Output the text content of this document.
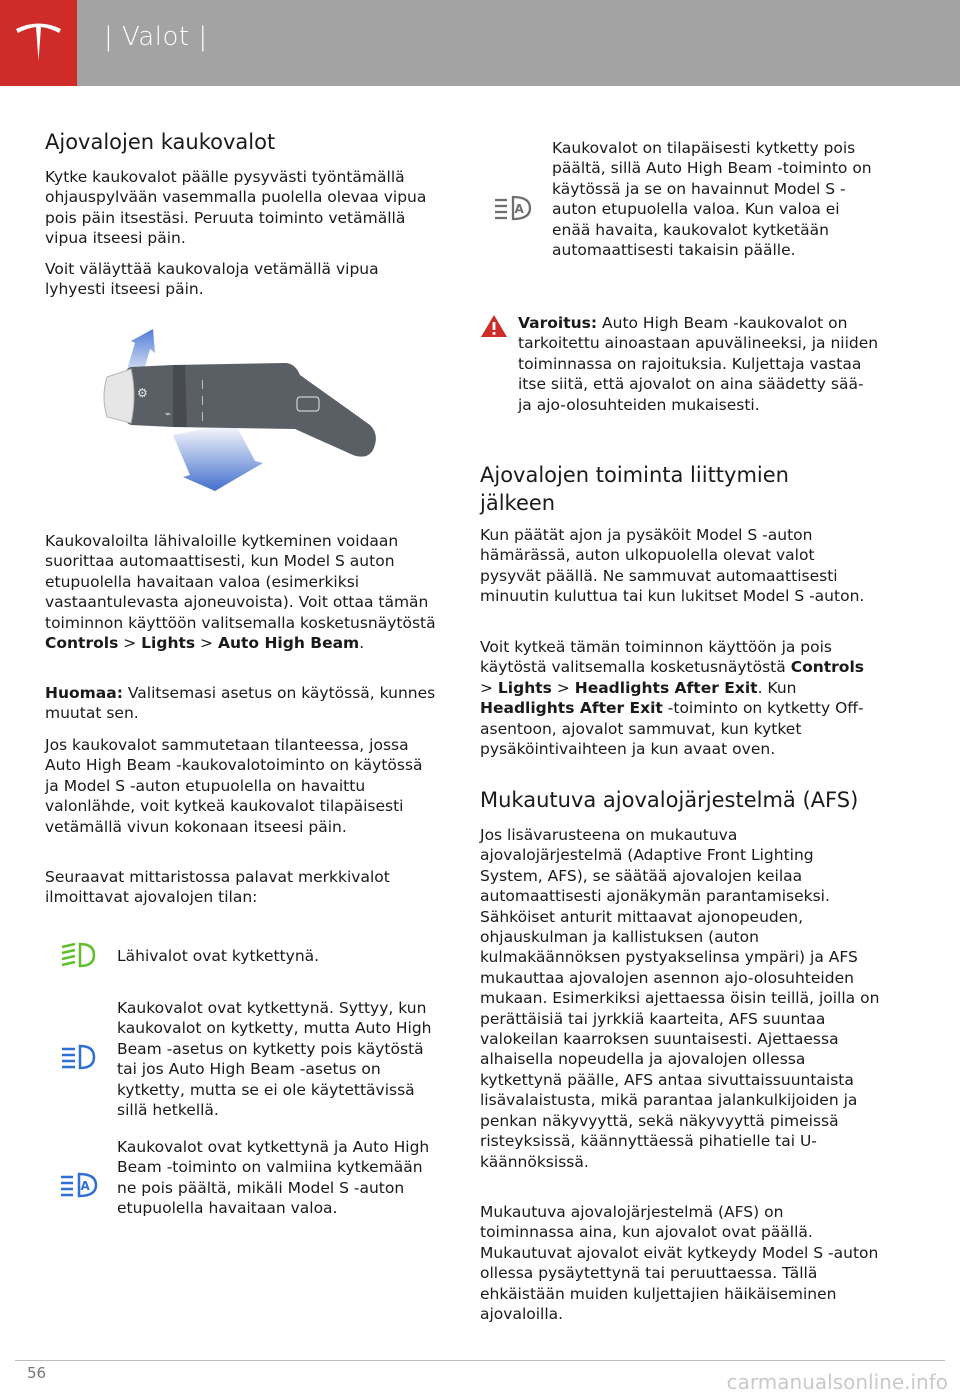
| Valot |
Ajovalojen kaukovalot

Kytke kaukovalot päälle pysyvästi työntämällä ohjauspylvään vasemmalla puolella olevaa vipua pois päin itsestäsi. Peruuta toiminto vetämällä vipua itseesi päin.

Voit väläyttää kaukovaloja vetämällä vipua lyhyesti itseesi päin.

⚙
⌁
|
|
|

Kaukovaloilta lähivaloille kytkeminen voidaan suorittaa automaattisesti, kun Model S auton etupuolella havaitaan valoa (esimerkiksi vastaantulevasta ajoneuvoista). Voit ottaa tämän toiminnon käyttöön valitsemalla kosketusnäytöstä Controls > Lights > Auto High Beam.

Huomaa: Valitsemasi asetus on käytössä, kunnes muutat sen.

Jos kaukovalot sammutetaan tilanteessa, jossa Auto High Beam -kaukovalotoiminto on käytössä ja Model S -auton etupuolella on havaittu valonlähde, voit kytkeä kaukovalot tilapäisesti vetämällä vivun kokonaan itseesi päin.

Seuraavat mittaristossa palavat merkkivalot ilmoittavat ajovalojen tilan:

Lähivalot ovat kytkettynä.

Kaukovalot ovat kytkettynä. Syttyy, kun kaukovalot on kytketty, mutta Auto High Beam -asetus on kytketty pois käytöstä tai jos Auto High Beam -asetus on kytketty, mutta se ei ole käytettävissä sillä hetkellä.

A

Kaukovalot ovat kytkettynä ja Auto High Beam -toiminto on valmiina kytkemään ne pois päältä, mikäli Model S -auton etupuolella havaitaan valoa.

A

Kaukovalot on tilapäisesti kytketty pois päältä, sillä Auto High Beam -toiminto on käytössä ja se on havainnut Model S -auton etupuolella valoa. Kun valoa ei enää havaita, kaukovalot kytketään automaattisesti takaisin päälle.

Varoitus: Auto High Beam -kaukovalot on tarkoitettu ainoastaan apuvälineeksi, ja niiden toiminnassa on rajoituksia. Kuljettaja vastaa itse siitä, että ajovalot on aina säädetty sää- ja ajo-olosuhteiden mukaisesti.

Ajovalojen toiminta liittymien jälkeen

Kun päätät ajon ja pysäköit Model S -auton hämärässä, auton ulkopuolella olevat valot pysyvät päällä. Ne sammuvat automaattisesti minuutin kuluttua tai kun lukitset Model S -auton.

Voit kytkeä tämän toiminnon käyttöön ja pois käytöstä valitsemalla kosketusnäytöstä Controls > Lights > Headlights After Exit. Kun Headlights After Exit -toiminto on kytketty Off-asentoon, ajovalot sammuvat, kun kytket pysäköintivaihteen ja kun avaat oven.

Mukautuva ajovalojärjestelmä (AFS)

Jos lisävarusteena on mukautuva ajovalojärjestelmä (Adaptive Front Lighting System, AFS), se säätää ajovalojen keilaa automaattisesti ajonäkymän parantamiseksi. Sähköiset anturit mittaavat ajonopeuden, ohjauskulman ja kallistuksen (auton kulmakäännöksen pystyakselinsa ympäri) ja AFS mukauttaa ajovalojen asennon ajo-olosuhteiden mukaan. Esimerkiksi ajettaessa öisin teillä, joilla on perättäisiä tai jyrkkiä kaarteita, AFS suuntaa valokeilan kaarroksen suuntaisesti. Ajettaessa alhaisella nopeudella ja ajovalojen ollessa kytkettynä päälle, AFS antaa sivuttaissuuntaista lisävalaistusta, mikä parantaa jalankulkijoiden ja penkan näkyvyyttä, sekä näkyvyyttä pimeissä risteyksissä, käännyttäessä pihatielle tai U-käännöksissä.

Mukautuva ajovalojärjestelmä (AFS) on toiminnassa aina, kun ajovalot ovat päällä. Mukautuvat ajovalot eivät kytkeydy Model S -auton ollessa pysäytettynä tai peruuttaessa. Tällä ehkäistään muiden kuljettajien häikäiseminen ajovaloilla.

56	carmanualsonline.info
